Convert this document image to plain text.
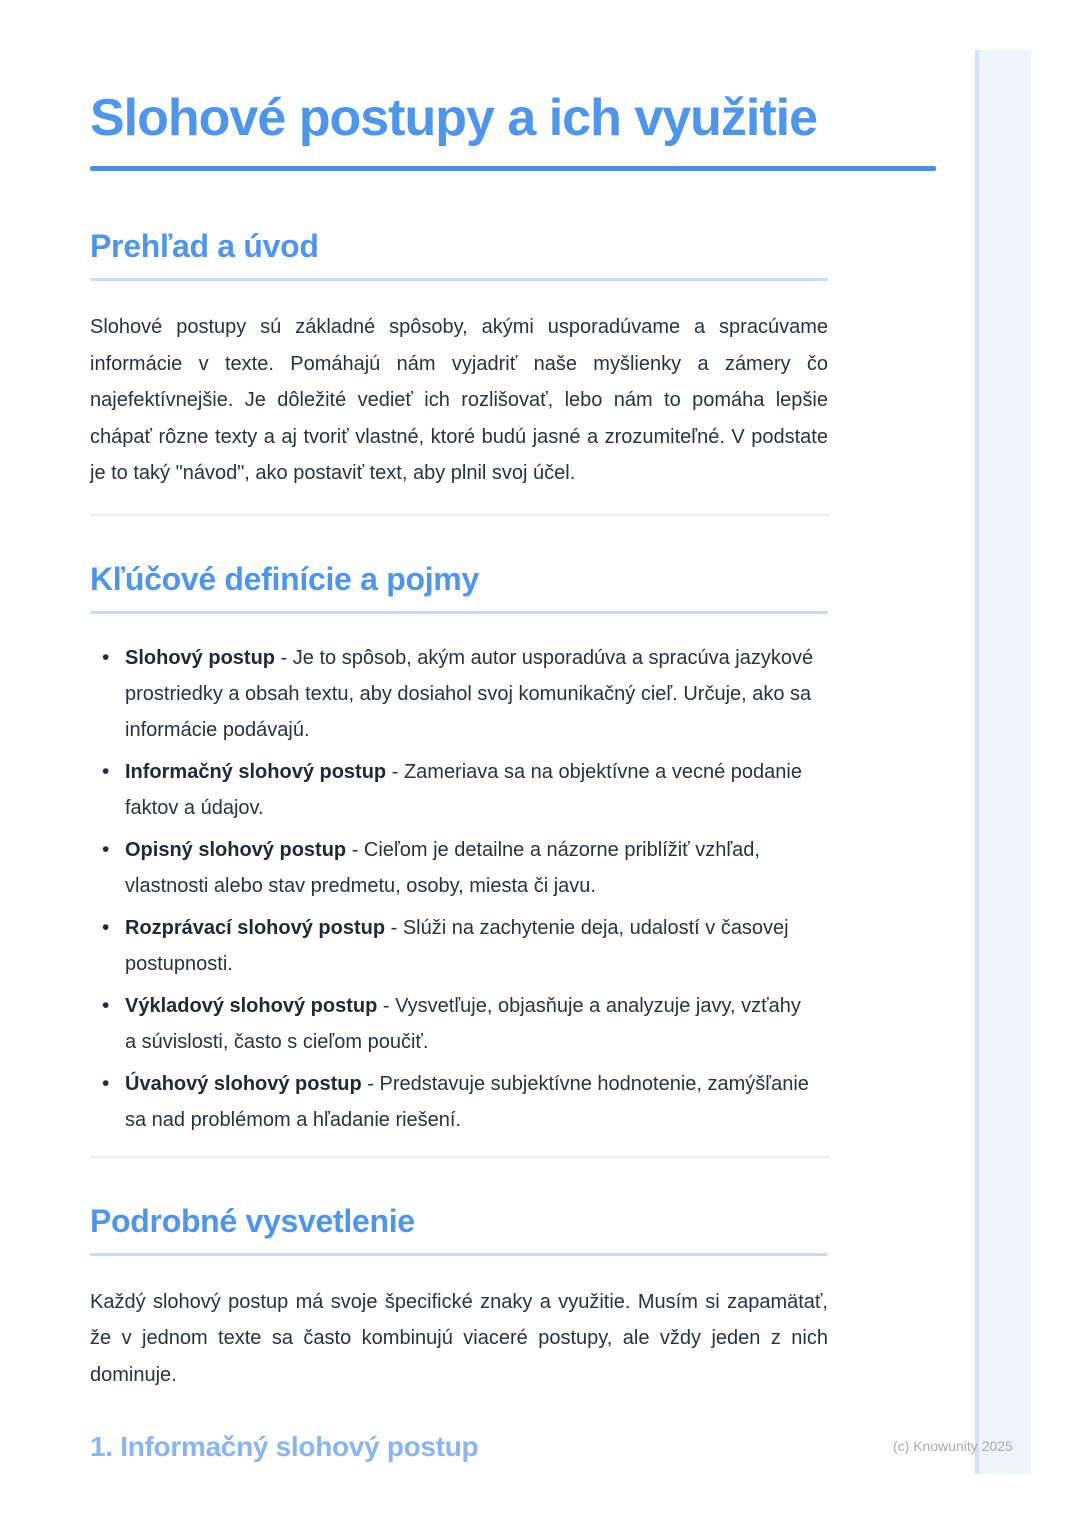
Slohové postupy a ich využitie
Prehľad a úvod

Slohové postupy sú základné spôsoby, akými usporadúvame a spracúvame informácie v texte. Pomáhajú nám vyjadriť naše myšlienky a zámery čo najefektívnejšie. Je dôležité vedieť ich rozlišovať, lebo nám to pomáha lepšie chápať rôzne texty a aj tvoriť vlastné, ktoré budú jasné a zrozumiteľné. V podstate je to taký "návod", ako postaviť text, aby plnil svoj účel.

Kľúčové definície a pojmy
• Slohový postup - Je to spôsob, akým autor usporadúva a spracúva jazykové prostriedky a obsah textu, aby dosiahol svoj komunikačný cieľ. Určuje, ako sa informácie podávajú.
• Informačný slohový postup - Zameriava sa na objektívne a vecné podanie faktov a údajov.
• Opisný slohový postup - Cieľom je detailne a názorne priblížiť vzhľad, vlastnosti alebo stav predmetu, osoby, miesta či javu.
• Rozprávací slohový postup - Slúži na zachytenie deja, udalostí v časovej postupnosti.
• Výkladový slohový postup - Vysvetľuje, objasňuje a analyzuje javy, vzťahy a súvislosti, často s cieľom poučiť.
• Úvahový slohový postup - Predstavuje subjektívne hodnotenie, zamýšľanie sa nad problémom a hľadanie riešení.
Podrobné vysvetlenie

Každý slohový postup má svoje špecifické znaky a využitie. Musím si zapamätať, že v jednom texte sa často kombinujú viaceré postupy, ale vždy jeden z nich dominuje.

1. Informačný slohový postup	(c) Knowunity 2025
